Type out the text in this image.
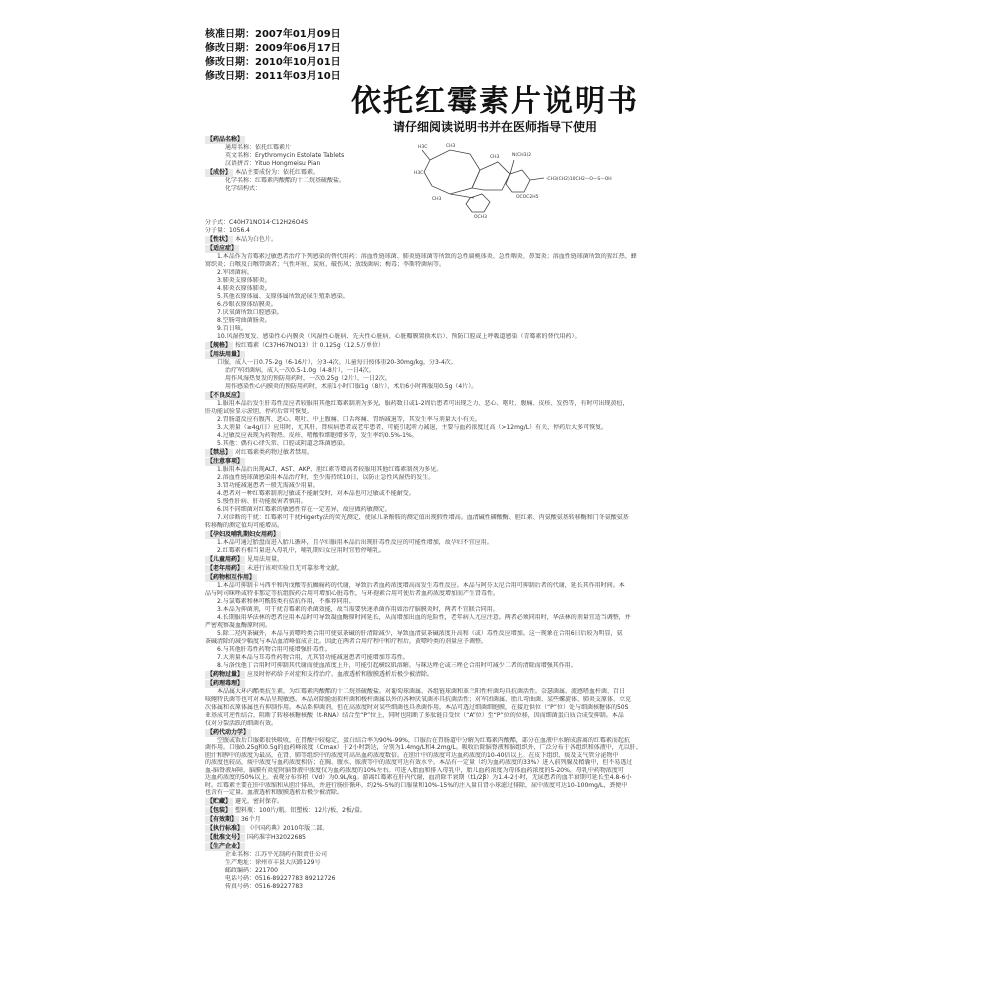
核准日期：2007年01月09日
修改日期：2009年06月17日
修改日期：2010年10月01日
修改日期：2011年03月10日
依托红霉素片说明书
请仔细阅读说明书并在医师指导下使用
H3C	CH3
H3C
CH3
CH3	N(CH3)2
OCH3
OCOC2H5
·CH3(CH2)10CH2—O—S—OH
【药品名称】
通用名称：依托红霉素片
英文名称：Erythromycin Estolate Tablets
汉语拼音：Yituo Hongmeisu Pian
【成份】 本品主要成份为：依托红霉素。
化学名称：红霉素丙酸酯的十二烷基硫酸盐。
化学结构式：
分子式：C40H71NO14·C12H26O4S
分子量：1056.4
【性状】 本品为白色片。
【适应症】
1.本品作为青霉素过敏患者治疗下列感染的替代用药：溶血性链球菌、肺炎链球菌等所致的急性扁桃体炎、急性咽炎、鼻窦炎；溶血性链球菌所致的猩红热、蜂
窝织炎；白喉及白喉带菌者；气性坏疽、炭疽、破伤风；放线菌病；梅毒；李斯特菌病等。
2.军团菌病。
3.肺炎支原体肺炎。
4.肺炎衣原体肺炎。
5.其他衣原体属、支原体属所致泌尿生殖系感染。
6.沙眼衣原体结膜炎。
7.厌氧菌所致口腔感染。
8.空肠弯曲菌肠炎。
9.百日咳。
10.风湿热复发、感染性心内膜炎（风湿性心脏病、先天性心脏病、心脏瓣膜置换术后）、预防口腔或上呼吸道感染（青霉素的替代用药）。
【规格】 按红霉素（C37H67NO13）计 0.125g（12.5万单位）
【用法用量】
口服，成人一日0.75-2g（6-16片），分3-4次。儿童每日按体重20-30mg/kg，分3-4次。
治疗军团菌病，成人一次0.5-1.0g（4-8片），一日4次。
用作风湿热复发的预防用药时，一次0.25g（2片），一日2次。
用作感染性心内膜炎的预防用药时，术前1小时口服1g（8片），术后6小时再服用0.5g（4片）。
【不良反应】
1.服用本品后发生肝毒性反应者较服用其他红霉素制剂为多见，服药数日或1-2周后患者可出现乏力、恶心、呕吐、腹痛、皮疹、发热等，有时可出现黄疸，
肝功能试验显示淤胆，停药后常可恢复。
2.胃肠道反应有腹泻、恶心、呕吐、中上腹痛、口舌疼痛、胃纳减退等，其发生率与剂量大小有关。
3.大剂量（≥4g/日）应用时，尤其肝、肾疾病患者或老年患者，可能引起听力减退，主要与血药浓度过高（>12mg/L）有关，停药后大多可恢复。
4.过敏反应表现为药物热、皮疹、嗜酸粒细胞增多等，发生率约0.5%-1%。
5.其他：偶有心律失常、口腔或阴道念珠菌感染。
【禁忌】 对红霉素类药物过敏者禁用。
【注意事项】
1.服用本品后出现ALT、AST、AKP、胆红素等增高者较服用其他红霉素制剂为多见。
2.溶血性链球菌感染用本品治疗时，至少需持续10日，以防止急性风湿热的发生。
3.肾功能减退患者一般无需减少用量。
4.患者对一种红霉素制剂过敏或不能耐受时，对本品也可过敏或不能耐受。
5.慢性肝病、肝功能损害者慎用。
6.因不同细菌对红霉素的敏感性存在一定差异，故应做药敏测定。
7.对诊断的干扰：红霉素可干扰Higerty法的荧光测定，使尿儿茶酚胺的测定值出现假性增高。血清碱性磷酸酶、胆红素、丙氨酸氨基转移酶和门冬氨酸氨基
转移酶的测定值均可能增高。
【孕妇及哺乳期妇女用药】
1.本品可通过胎盘而进入胎儿循环，且孕妇服用本品后出现肝毒性反应的可能性增加，故孕妇不宜应用。
2.红霉素有相当量进入母乳中，哺乳期妇女应用时宜暂停哺乳。
【儿童用药】 见用法用量。
【老年用药】 未进行该项实验且无可靠参考文献。
【药物相互作用】
1.本品可抑制卡马西平和丙戊酸等抗癫痫药的代谢，导致后者血药浓度增高而发生毒性反应。本品与阿芬太尼合用可抑制后者的代谢，延长其作用时间。本
品与阿司咪唑或特非那定等抗组胺药合用可增加心脏毒性，与环孢素合用可使后者血药浓度增加而产生肾毒性。
2.与氯霉素和林可酰胺类有拮抗作用，不推荐同用。
3.本品为抑菌剂，可干扰青霉素的杀菌效能，故当需要快速杀菌作用如治疗脑膜炎时，两者不宜联合同用。
4.长期服用华法林的患者应用本品时可导致凝血酶原时间延长，从而增加出血的危险性，老年病人尤应注意。两者必须同用时，华法林的剂量宜适当调整，并
严密观察凝血酶原时间。
5.除二羟丙茶碱外，本品与黄嘌呤类合用可使氨茶碱的肝清除减少，导致血清氨茶碱浓度升高和（或）毒性反应增加。这一现象在合用6日后较为明显，氨
茶碱清除的减少幅度与本品血清峰值成正比。因此在两者合用疗程中和疗程后，黄嘌呤类的剂量应予调整。
6.与其他肝毒性药物合用可能增强肝毒性。
7.大剂量本品与耳毒性药物合用，尤其肾功能减退患者可能增加耳毒性。
8.与洛伐他丁合用时可抑制其代谢而使血浓度上升，可能引起横纹肌溶解。与咪达唑仑或三唑仑合用时可减少二者的清除而增强其作用。
【药物过量】 应及时停药给予对症和支持治疗。血液透析和腹膜透析后极少被清除。
【药理毒理】
本品属大环内酯类抗生素，为红霉素丙酸酯的十二烷基硫酸盐。对葡萄球菌属、各组链球菌和革兰阳性杆菌均具抗菌活性。奈瑟菌属、流感嗜血杆菌、百日
咳鲍特氏菌等也可对本品呈现敏感。本品对除脆弱拟杆菌和梭杆菌属以外的各种厌氧菌亦具抗菌活性；对军团菌属、胎儿弯曲菌、某些螺旋体、肺炎支原体、立克
次体属和衣原体属也有抑制作用。本品系抑菌剂，但在高浓度时对某些细菌也具杀菌作用。本品可透过细菌细胞膜，在接近供位（“P”位）处与细菌核糖体的50S
亚基成可逆性结合，阻断了转移核糖核酸（t-RNA）结合至“P”位上，同时也阻断了多肽链自受位（“A”位）至“P”位的位移，因而细菌蛋白质合成受抑制。本品
仅对分裂活跃的细菌有效。
【药代动力学】
空腹或饭后口服都很快吸收，在胃酸中较稳定，蛋白结合率为90%-99%，口服后在胃肠道中分解为红霉素丙酸酯，部分在血液中水解成游离的红霉素而起抗
菌作用。口服0.25g和0.5g的血药峰浓度（Cmax）于2小时到达，分别为1.4mg/L和4.2mg/L。吸收后除脑脊液和脑组织外，广泛分布于各组织和体液中，尤以肝、
胆汁和脾中的浓度为最高，在肾、肺等组织中的浓度可高出血药浓度数倍。在胆汁中的浓度可达血药浓度的10-40倍以上。在皮下组织、痰及支气管分泌物中
的浓度也较高，痰中浓度与血药浓度相仿；在胸、腹水、脓液等中的浓度可达有效水平。本品有一定量（约为血药浓度的33%）进入前列腺及精囊中，但不易透过
血-脑脊液屏障，脑膜有炎症时脑脊液中浓度仅为血药浓度的10%左右。可进入胎血和排入母乳中，胎儿血药浓度为母体血药浓度的5-20%，母乳中药物浓度可
达血药浓度的50%以上。表观分布容积（Vd）为0.9L/kg。游离红霉素在肝内代谢，血消除半衰期（t1/2β）为1.4-2小时，无尿患者的血半衰期可延长至4.8-6小
时。红霉素主要在肝中浓缩和从胆汁排出，并进行肠肝循环，约2%-5%的口服量和10%-15%的注入量自肾小球滤过排除，尿中浓度可达10-100mg/L，粪便中
也含有一定量。血液透析和腹膜透析后极少被清除。
【贮藏】 避光，密封保存。
【包装】 塑料瓶：100片/瓶。铝塑板：12片/板，2板/盒。
【有效期】 36个月
【执行标准】 《中国药典》2010年版二部。
【批准文号】 国药准字H32022685
【生产企业】
企业名称：江苏平光制药有限责任公司
生产地址：徐州市丰县大庆路129号
邮政编码：221700
电话号码：0516-89227783 89212726
传真号码：0516-89227783
